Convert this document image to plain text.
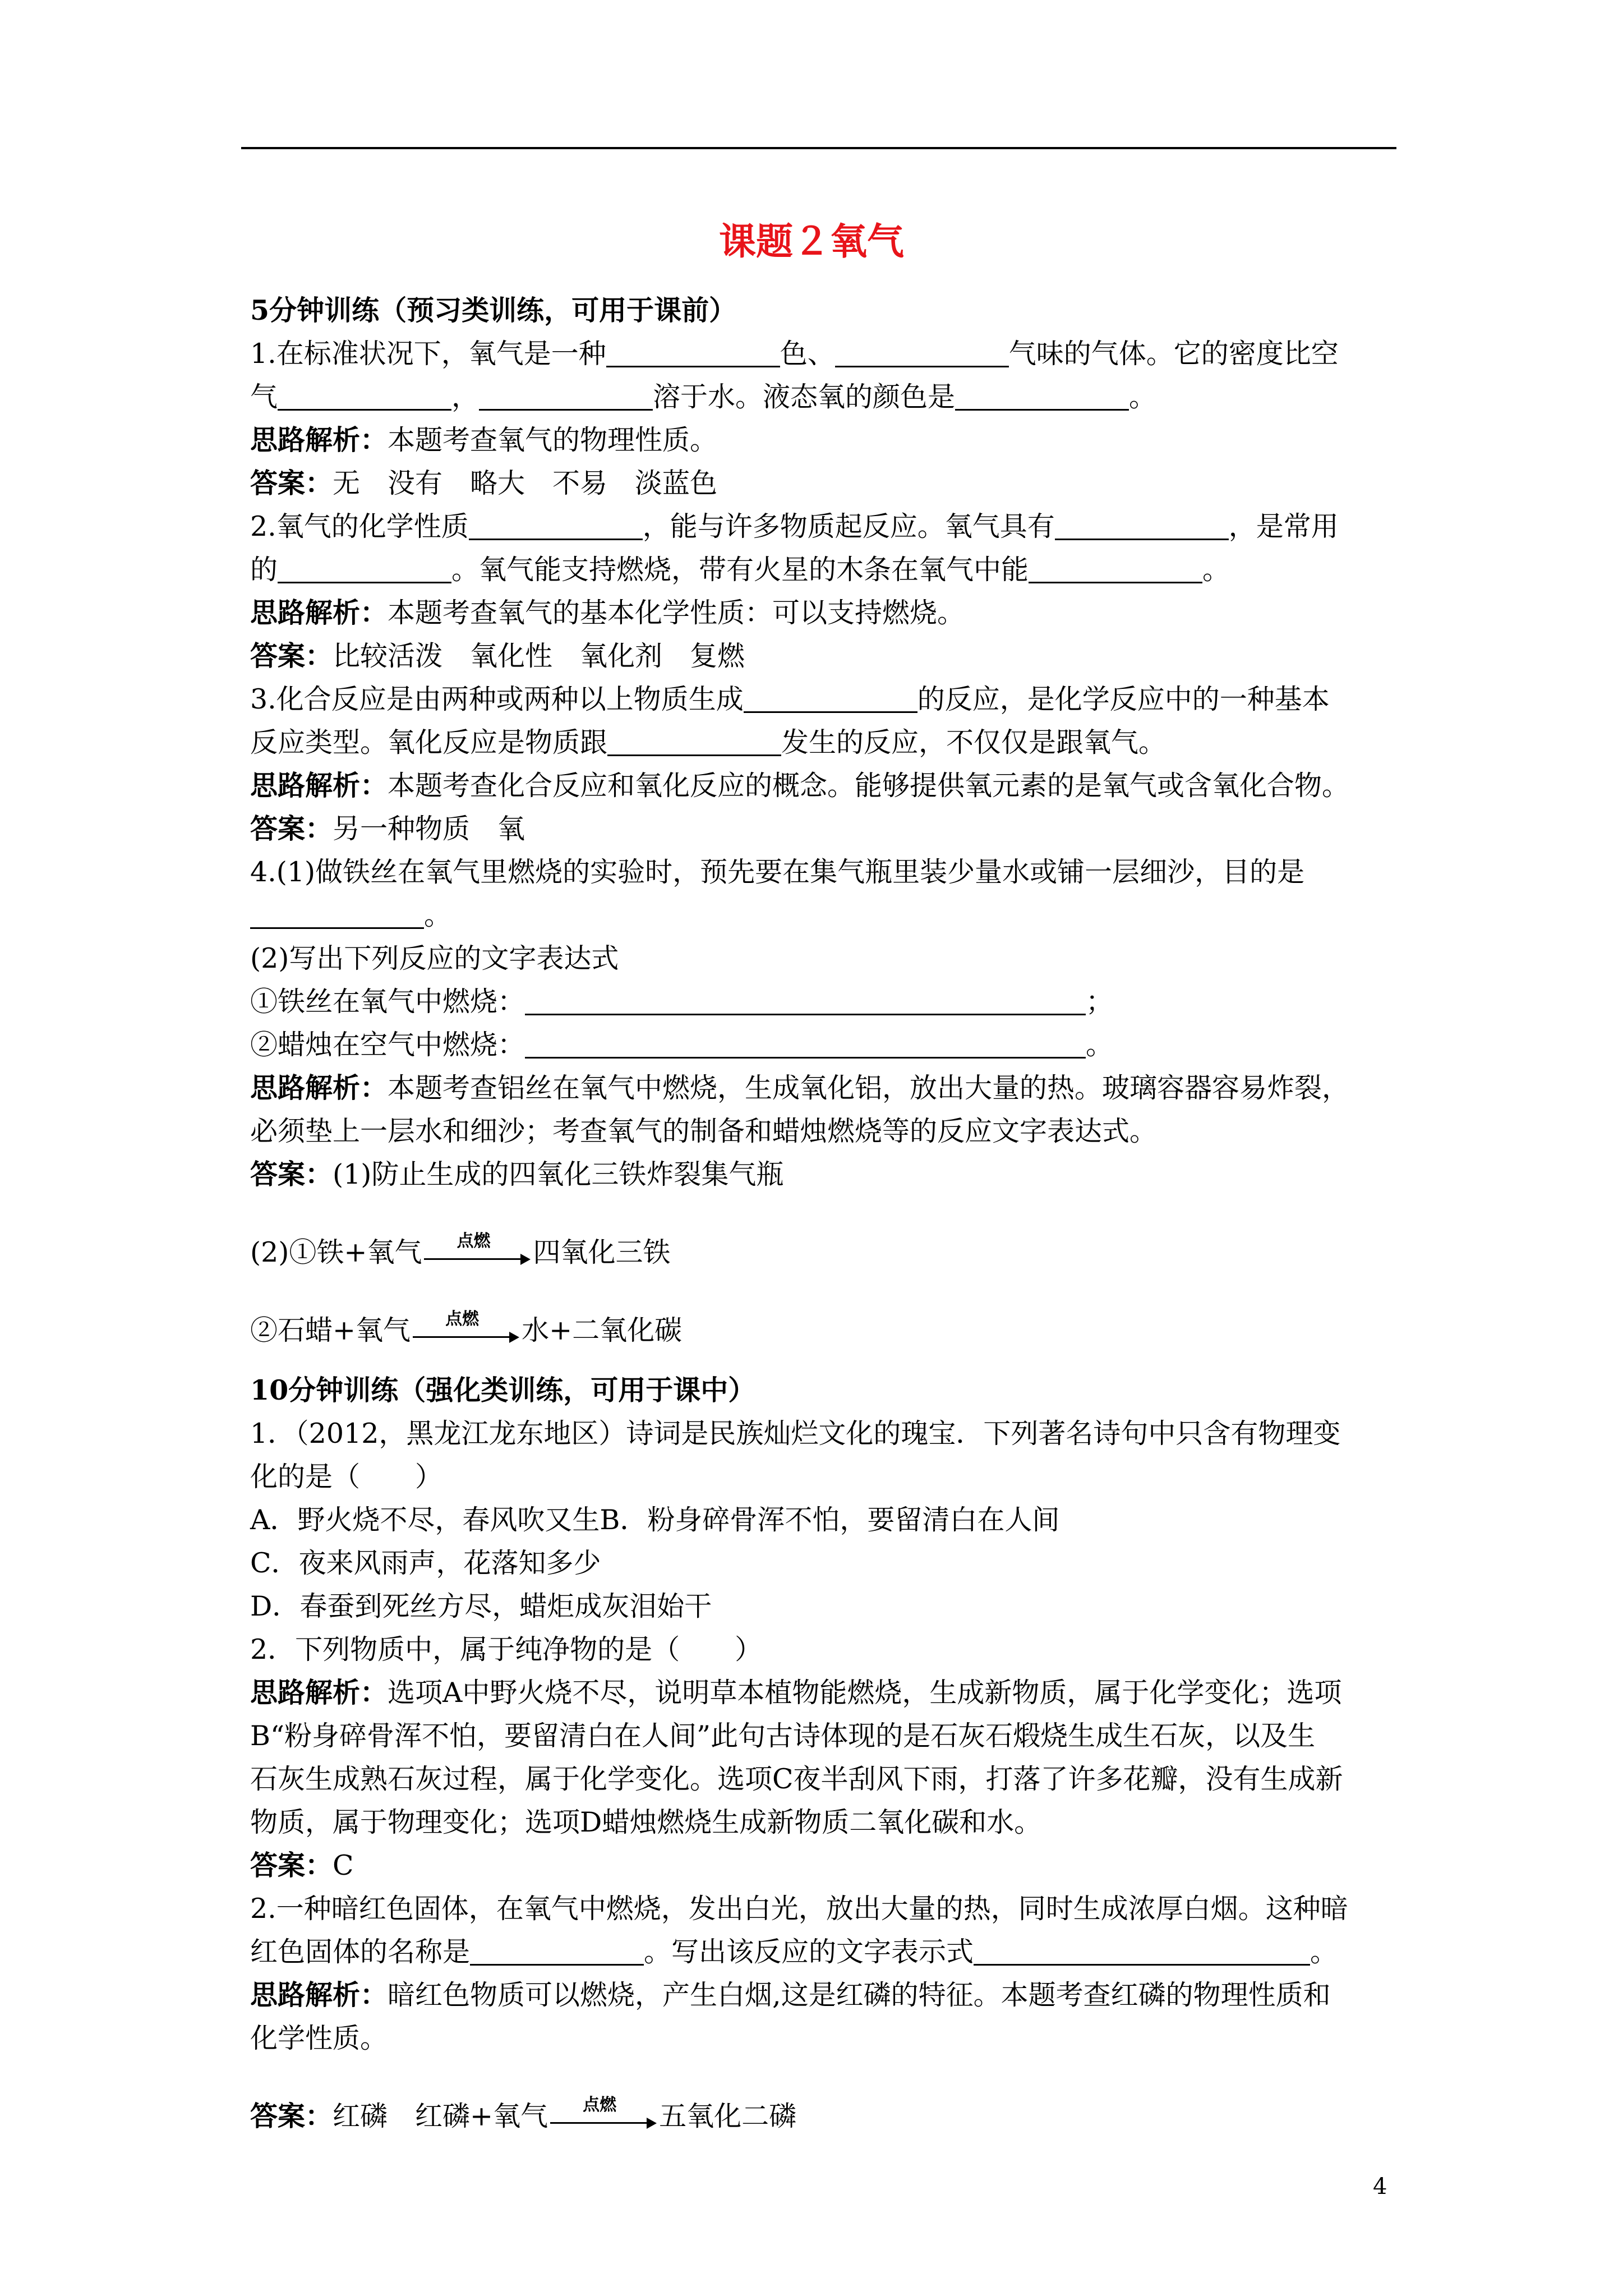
课题２氧气

5分钟训练（预习类训练，可用于课前）

1.在标准状况下，氧气是一种	色、	气味的气体。它的密度比空

气	，	溶于水。液态氧的颜色是	。

思路解析：本题考查氧气的物理性质。

答案：无　没有　略大　不易　淡蓝色

2.氧气的化学性质	，能与许多物质起反应。氧气具有	，是常用

的	。氧气能支持燃烧，带有火星的木条在氧气中能	。

思路解析：本题考查氧气的基本化学性质：可以支持燃烧。

答案：比较活泼　氧化性　氧化剂　复燃

3.化合反应是由两种或两种以上物质生成	的反应，是化学反应中的一种基本

反应类型。氧化反应是物质跟	发生的反应，不仅仅是跟氧气。

思路解析：本题考查化合反应和氧化反应的概念。能够提供氧元素的是氧气或含氧化合物。

答案：另一种物质　氧

4.(1)做铁丝在氧气里燃烧的实验时，预先要在集气瓶里装少量水或铺一层细沙，目的是

。

(2)写出下列反应的文字表达式

①铁丝在氧气中燃烧：	；

②蜡烛在空气中燃烧：	。

思路解析：本题考查铝丝在氧气中燃烧，生成氧化铝，放出大量的热。玻璃容器容易炸裂，

必须垫上一层水和细沙；考查氧气的制备和蜡烛燃烧等的反应文字表达式。

答案：(1)防止生成的四氧化三铁炸裂集气瓶

(2)①铁+氧气	点燃	四氧化三铁

②石蜡+氧气	点燃	水+二氧化碳

10分钟训练（强化类训练，可用于课中）

1．（2012，黑龙江龙东地区）诗词是民族灿烂文化的瑰宝．下列著名诗句中只含有物理变

化的是（　　）

A．野火烧不尽，春风吹又生B．粉身碎骨浑不怕，要留清白在人间

C．夜来风雨声，花落知多少

D．春蚕到死丝方尽，蜡炬成灰泪始干

2．下列物质中，属于纯净物的是（　　）

思路解析：选项A中野火烧不尽，说明草本植物能燃烧，生成新物质，属于化学变化；选项

B“粉身碎骨浑不怕，要留清白在人间”此句古诗体现的是石灰石煅烧生成生石灰，以及生

石灰生成熟石灰过程，属于化学变化。选项C夜半刮风下雨，打落了许多花瓣，没有生成新

物质，属于物理变化；选项D蜡烛燃烧生成新物质二氧化碳和水。

答案：C

2.一种暗红色固体，在氧气中燃烧，发出白光，放出大量的热，同时生成浓厚白烟。这种暗

红色固体的名称是	。写出该反应的文字表示式	。

思路解析：暗红色物质可以燃烧，产生白烟,这是红磷的特征。本题考查红磷的物理性质和

化学性质。

答案：红磷　红磷+氧气	点燃	五氧化二磷

4
